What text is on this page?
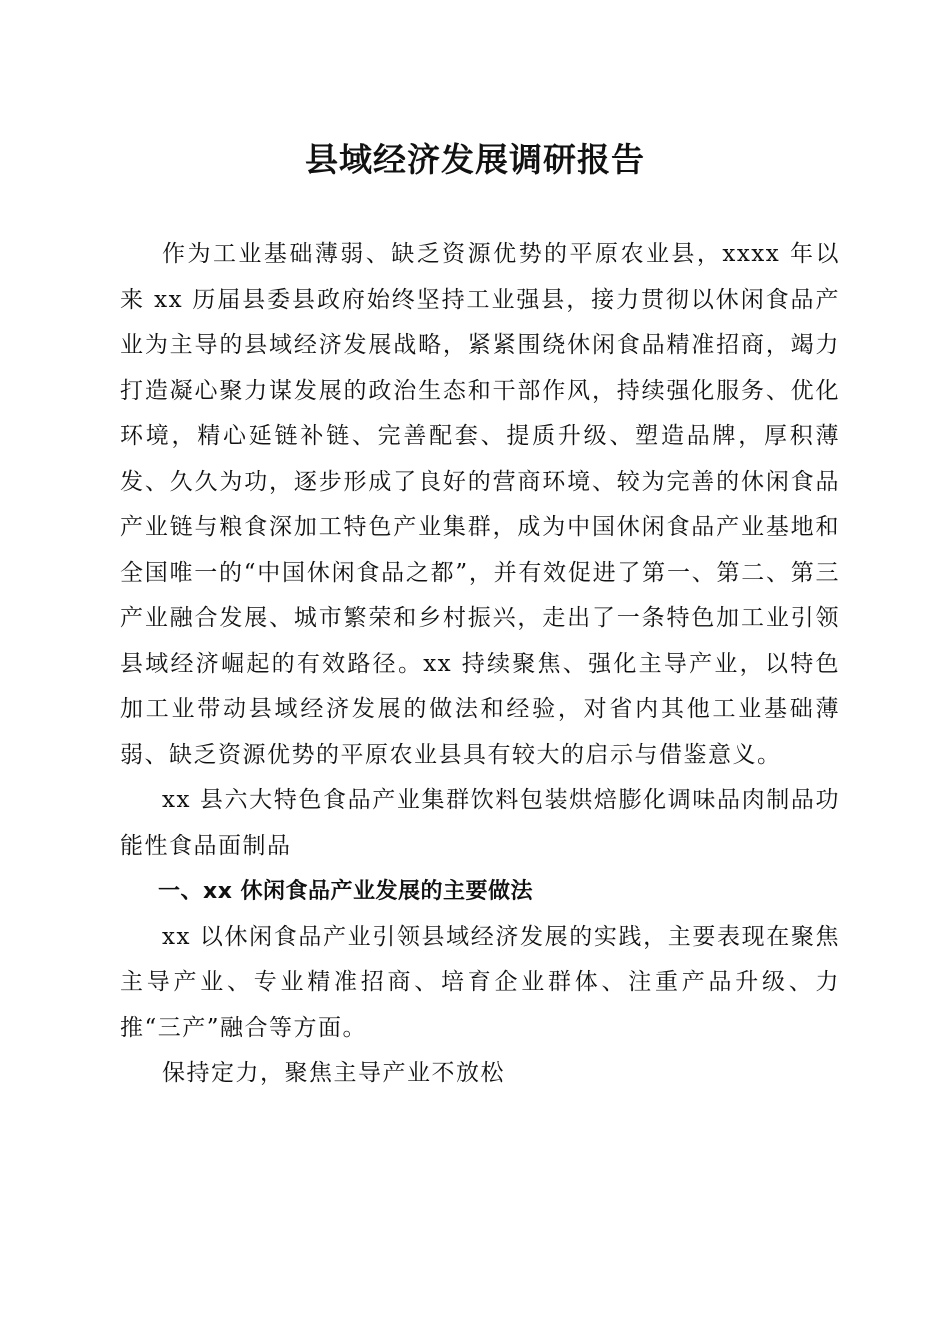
县域经济发展调研报告

作为工业基础薄弱、缺乏资源优势的平原农业县，xxxx 年以来 xx 历届县委县政府始终坚持工业强县，接力贯彻以休闲食品产业为主导的县域经济发展战略，紧紧围绕休闲食品精准招商，竭力打造凝心聚力谋发展的政治生态和干部作风，持续强化服务、优化环境，精心延链补链、完善配套、提质升级、塑造品牌，厚积薄发、久久为功，逐步形成了良好的营商环境、较为完善的休闲食品产业链与粮食深加工特色产业集群，成为中国休闲食品产业基地和全国唯一的“中国休闲食品之都”，并有效促进了第一、第二、第三产业融合发展、城市繁荣和乡村振兴，走出了一条特色加工业引领县域经济崛起的有效路径。xx 持续聚焦、强化主导产业，以特色加工业带动县域经济发展的做法和经验，对省内其他工业基础薄弱、缺乏资源优势的平原农业县具有较大的启示与借鉴意义。

xx 县六大特色食品产业集群饮料包装烘焙膨化调味品肉制品功能性食品面制品

一、xx 休闲食品产业发展的主要做法

xx 以休闲食品产业引领县域经济发展的实践，主要表现在聚焦主导产业、专业精准招商、培育企业群体、注重产品升级、力推“三产”融合等方面。

保持定力，聚焦主导产业不放松
